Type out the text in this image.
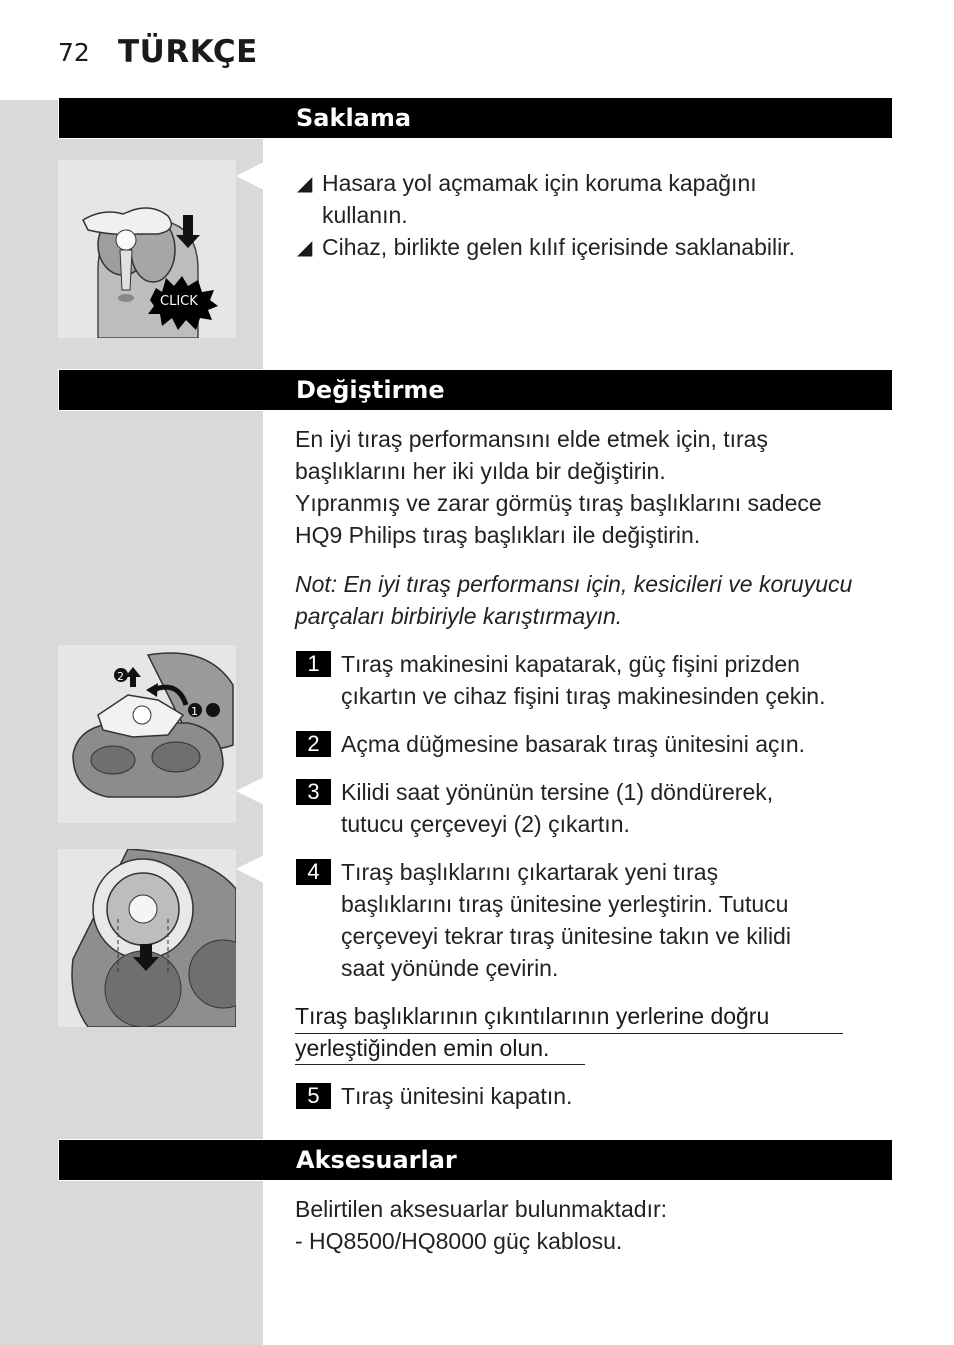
72 TÜRKÇE
Saklama
CLICK
◢ Hasara yol açmamak için koruma kapağını
kullanın.
◢ Cihaz, birlikte gelen kılıf içerisinde saklanabilir.
Değiştirme
En iyi tıraş performansını elde etmek için, tıraş
başlıklarını her iki yılda bir değiştirin.
Yıpranmış ve zarar görmüş tıraş başlıklarını sadece
HQ9 Philips tıraş başlıkları ile değiştirin.
Not: En iyi tıraş performansı için, kesicileri ve koruyucu
parçaları birbiriyle karıştırmayın.
2
1
1 Tıraş makinesini kapatarak, güç fişini prizden
çıkartın ve cihaz fişini tıraş makinesinden çekin.
2 Açma düğmesine basarak tıraş ünitesini açın.
3 Kilidi saat yönünün tersine (1) döndürerek,
tutucu çerçeveyi (2) çıkartın.
4 Tıraş başlıklarını çıkartarak yeni tıraş
başlıklarını tıraş ünitesine yerleştirin. Tutucu
çerçeveyi tekrar tıraş ünitesine takın ve kilidi
saat yönünde çevirin.
Tıraş başlıklarının çıkıntılarının yerlerine doğru
yerleştiğinden emin olun.
5 Tıraş ünitesini kapatın.
Aksesuarlar
Belirtilen aksesuarlar bulunmaktadır:
- HQ8500/HQ8000 güç kablosu.
